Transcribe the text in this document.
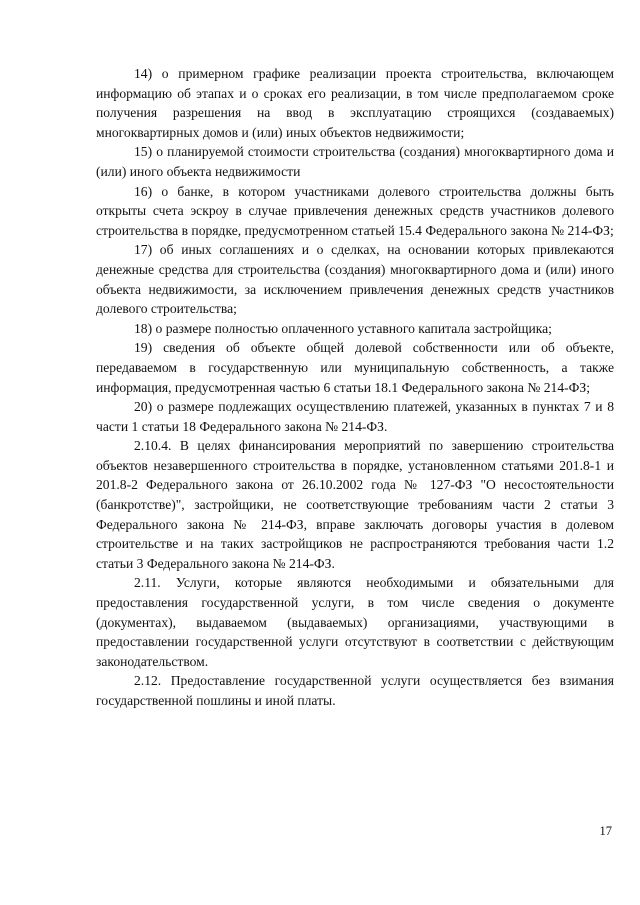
14) о примерном графике реализации проекта строительства, включающем информацию об этапах и о сроках его реализации, в том числе предполагаемом сроке получения разрешения на ввод в эксплуатацию строящихся (создаваемых) многоквартирных домов и (или) иных объектов недвижимости;

15) о планируемой стоимости строительства (создания) многоквартирного дома и (или) иного объекта недвижимости

16) о банке, в котором участниками долевого строительства должны быть открыты счета эскроу в случае привлечения денежных средств участников долевого строительства в порядке, предусмотренном статьей 15.4 Федерального закона № 214-ФЗ;

17) об иных соглашениях и о сделках, на основании которых привлекаются денежные средства для строительства (создания) многоквартирного дома и (или) иного объекта недвижимости, за исключением привлечения денежных средств участников долевого строительства;

18) о размере полностью оплаченного уставного капитала застройщика;

19) сведения об объекте общей долевой собственности или об объекте, передаваемом в государственную или муниципальную собственность, а также информация, предусмотренная частью 6 статьи 18.1 Федерального закона № 214-ФЗ;

20) о размере подлежащих осуществлению платежей, указанных в пунктах 7 и 8 части 1 статьи 18 Федерального закона № 214-ФЗ.

2.10.4. В целях финансирования мероприятий по завершению строительства объектов незавершенного строительства в порядке, установленном статьями 201.8-1 и 201.8-2 Федерального закона от 26.10.2002 года № 127-ФЗ "О несостоятельности (банкротстве)", застройщики, не соответствующие требованиям части 2 статьи 3 Федерального закона № 214-ФЗ, вправе заключать договоры участия в долевом строительстве и на таких застройщиков не распространяются требования части 1.2 статьи 3 Федерального закона № 214-ФЗ.

2.11. Услуги, которые являются необходимыми и обязательными для предоставления государственной услуги, в том числе сведения о документе (документах), выдаваемом (выдаваемых) организациями, участвующими в предоставлении государственной услуги отсутствуют в соответствии с действующим законодательством.

2.12. Предоставление государственной услуги осуществляется без взимания государственной пошлины и иной платы.

17
